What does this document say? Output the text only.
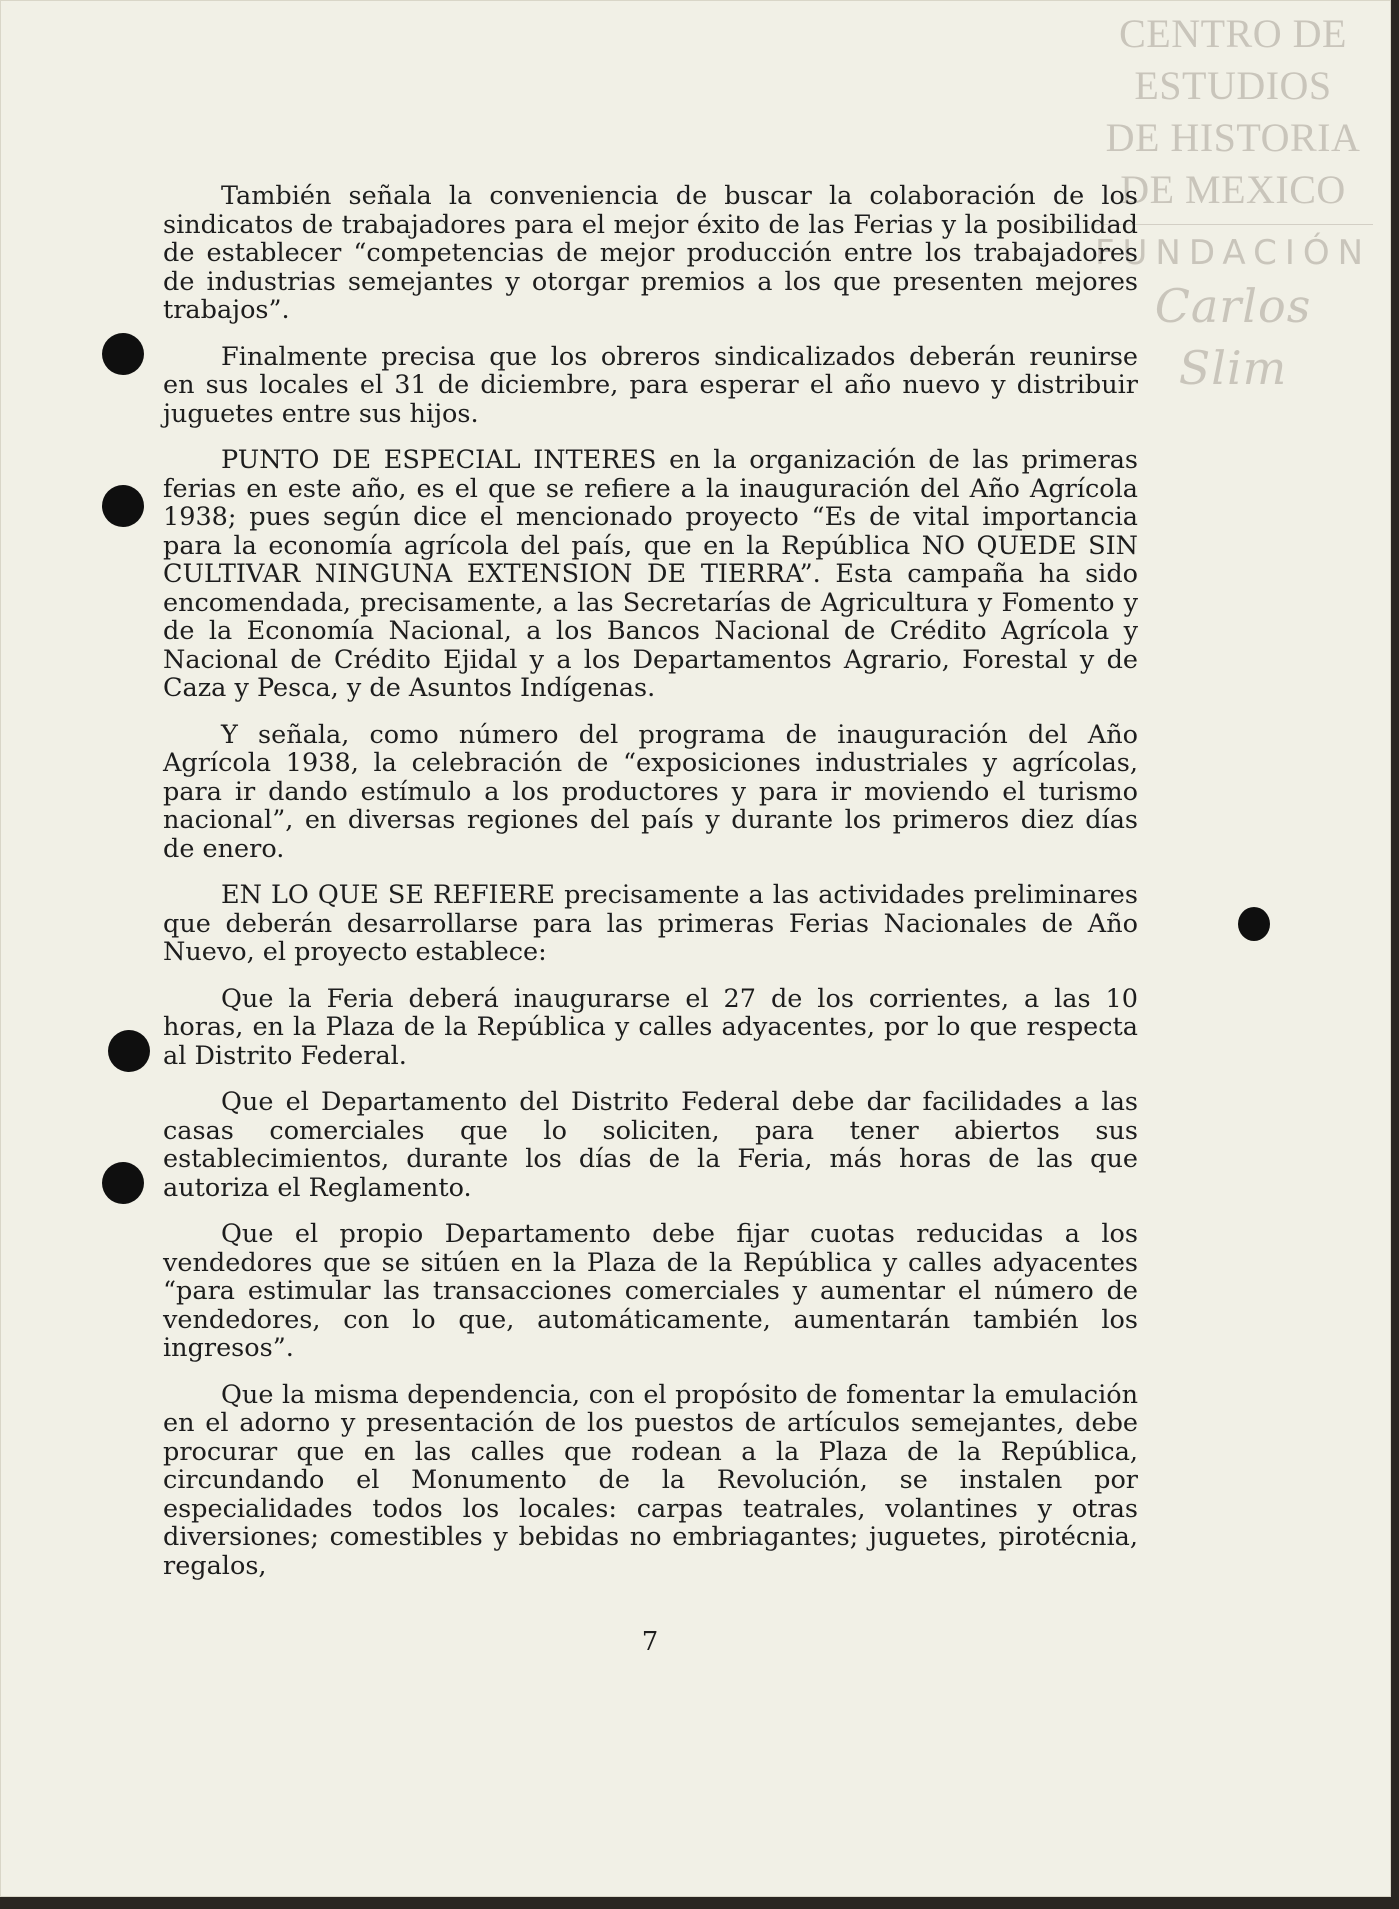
CENTRO DE
ESTUDIOS
DE HISTORIA
DE MEXICO
FUNDACIÓN
Carlos Slim

También señala la conveniencia de buscar la colaboración de los sindicatos de trabajadores para el mejor éxito de las Ferias y la posibilidad de establecer “competencias de mejor producción entre los trabajadores de industrias semejantes y otorgar premios a los que presenten mejores trabajos”.

Finalmente precisa que los obreros sindicalizados deberán reunirse en sus locales el 31 de diciembre, para esperar el año nuevo y distribuir juguetes entre sus hijos.

PUNTO DE ESPECIAL INTERES en la organización de las primeras ferias en este año, es el que se refiere a la inauguración del Año Agrícola 1938; pues según dice el mencionado proyecto “Es de vital importancia para la economía agrícola del país, que en la República NO QUEDE SIN CULTIVAR NINGUNA EXTENSION DE TIERRA”. Esta campaña ha sido encomendada, precisamente, a las Secretarías de Agricultura y Fomento y de la Economía Nacional, a los Bancos Nacional de Crédito Agrícola y Nacional de Crédito Ejidal y a los Departamentos Agrario, Forestal y de Caza y Pesca, y de Asuntos Indígenas.

Y señala, como número del programa de inauguración del Año Agrícola 1938, la celebración de “exposiciones industriales y agrícolas, para ir dando estímulo a los productores y para ir moviendo el turismo nacional”, en diversas regiones del país y durante los primeros diez días de enero.

EN LO QUE SE REFIERE precisamente a las actividades preliminares que deberán desarrollarse para las primeras Ferias Nacionales de Año Nuevo, el proyecto establece:

Que la Feria deberá inaugurarse el 27 de los corrientes, a las 10 horas, en la Plaza de la República y calles adyacentes, por lo que respecta al Distrito Federal.

Que el Departamento del Distrito Federal debe dar facilidades a las casas comerciales que lo soliciten, para tener abiertos sus establecimientos, durante los días de la Feria, más horas de las que autoriza el Reglamento.

Que el propio Departamento debe fijar cuotas reducidas a los vendedores que se sitúen en la Plaza de la República y calles adyacentes “para estimular las transacciones comerciales y aumentar el número de vendedores, con lo que, automáticamente, aumentarán también los ingresos”.

Que la misma dependencia, con el propósito de fomentar la emulación en el adorno y presentación de los puestos de artículos semejantes, debe procurar que en las calles que rodean a la Plaza de la República, circundando el Monumento de la Revolución, se instalen por especialidades todos los locales: carpas teatrales, volantines y otras diversiones; comestibles y bebidas no embriagantes; juguetes, pirotécnia, regalos,

7
